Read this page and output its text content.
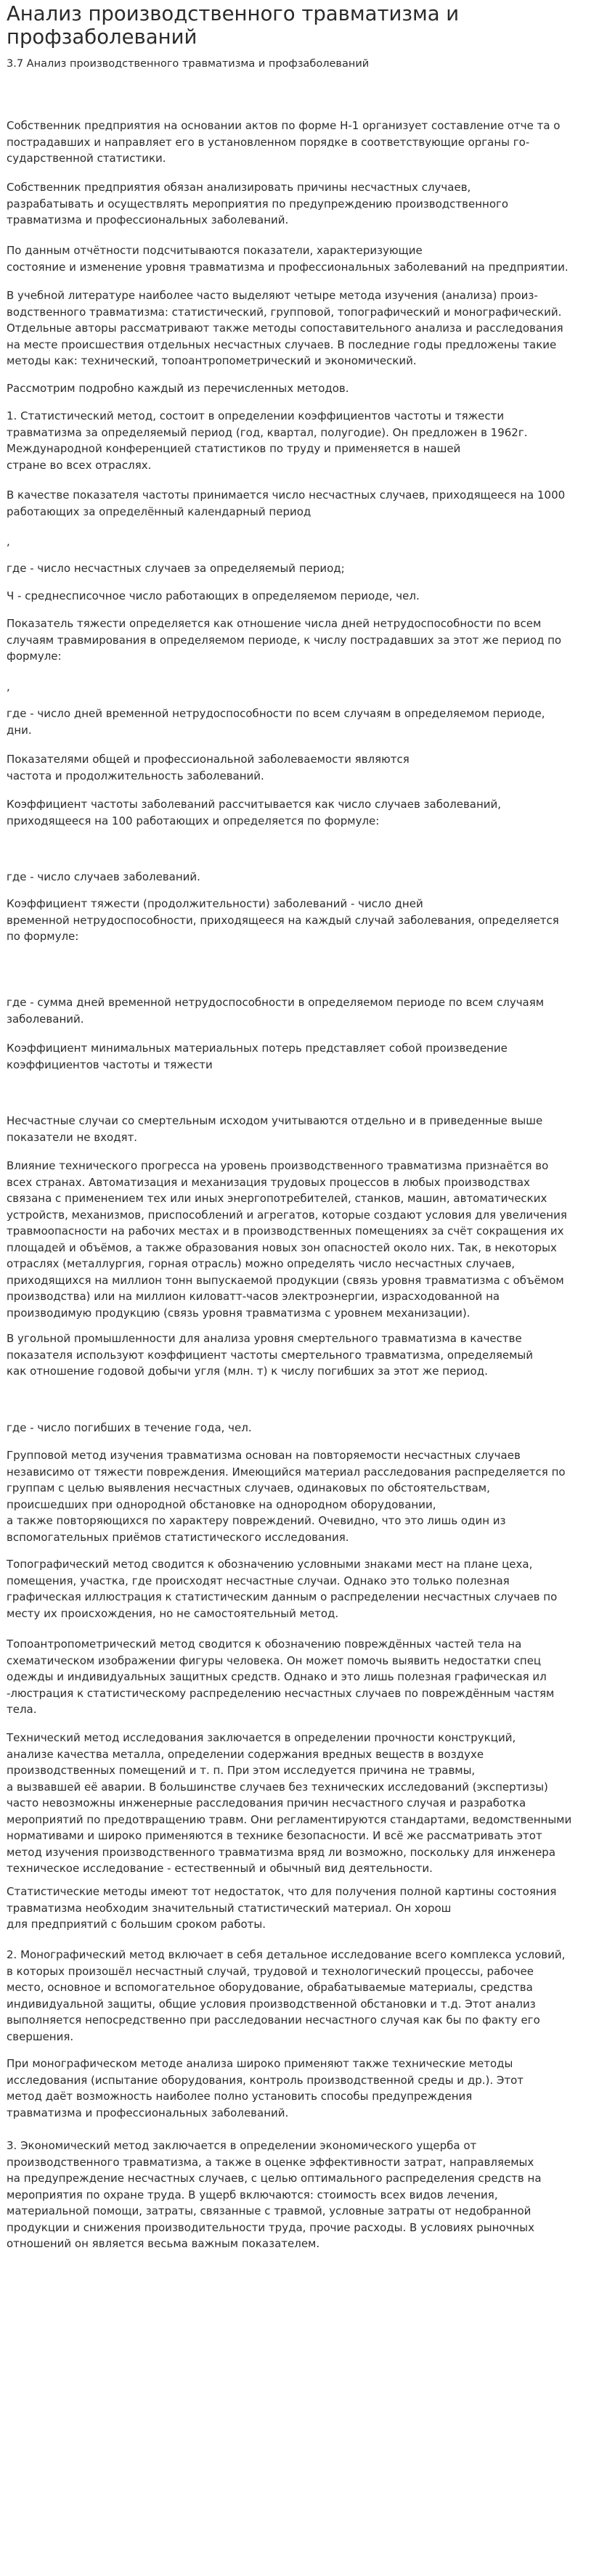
Анализ производственного травматизма и профзаболеваний
3.7 Анализ производственного травматизма и профзаболеваний

Собственник предприятия на основании актов по форме Н-1 организует составление отче та о
пострадавших и направляет его в установленном порядке в соответствующие органы го-
сударственной статистики.

Собственник предприятия обязан анализировать причины несчастных случаев,
разрабатывать и осуществлять мероприятия по предупреждению производственного
травматизма и профессиональных заболеваний.

По данным отчётности подсчитываются показатели, характеризующие
состояние и изменение уровня травматизма и профессиональных заболеваний на предприятии.

В учебной литературе наиболее часто выделяют четыре метода изучения (анализа) произ-
водственного травматизма: статистический, групповой, топографический и монографический.
Отдельные авторы рассматривают также методы сопоставительного анализа и расследования
на месте происшествия отдельных несчастных случаев. В последние годы предложены такие
методы как: технический, топоантропометрический и экономический.

Рассмотрим подробно каждый из перечисленных методов.

1. Статистический метод, состоит в определении коэффициентов частоты и тяжести
травматизма за определяемый период (год, квартал, полугодие). Он предложен в 1962г.
Международной конференцией статистиков по труду и применяется в нашей
стране во всех отраслях.

В качестве показателя частоты принимается число несчастных случаев, приходящееся на 1000
работающих за определённый календарный период

,

где - число несчастных случаев за определяемый период;

Ч - среднесписочное число работающих в определяемом периоде, чел.

Показатель тяжести определяется как отношение числа дней нетрудоспособности по всем
случаям травмирования в определяемом периоде, к числу пострадавших за этот же период по
формуле:

,

где - число дней временной нетрудоспособности по всем случаям в определяемом периоде,
дни.

Показателями общей и профессиональной заболеваемости являются
частота и продолжительность заболеваний.

Коэффициент частоты заболеваний рассчитывается как число случаев заболеваний,
приходящееся на 100 работающих и определяется по формуле:

где - число случаев заболеваний.

Коэффициент тяжести (продолжительности) заболеваний - число дней
временной нетрудоспособности, приходящееся на каждый случай заболевания, определяется
по формуле:

где - сумма дней временной нетрудоспособности в определяемом периоде по всем случаям
заболеваний.

Коэффициент минимальных материальных потерь представляет собой произведение
коэффициентов частоты и тяжести

Несчастные случаи со смертельным исходом учитываются отдельно и в приведенные выше
показатели не входят.

Влияние технического прогресса на уровень производственного травматизма признаётся во
всех странах. Автоматизация и механизация трудовых процессов в любых производствах
связана с применением тех или иных энергопотребителей, станков, машин, автоматических
устройств, механизмов, приспособлений и агрегатов, которые создают условия для увеличения
травмоопасности на рабочих местах и в производственных помещениях за счёт сокращения их
площадей и объёмов, а также образования новых зон опасностей около них. Так, в некоторых
отраслях (металлургия, горная отрасль) можно определять число несчастных случаев,
приходящихся на миллион тонн выпускаемой продукции (связь уровня травматизма с объёмом
производства) или на миллион киловатт-часов электроэнергии, израсходованной на
производимую продукцию (связь уровня травматизма с уровнем механизации).

В угольной промышленности для анализа уровня смертельного травматизма в качестве
показателя используют коэффициент частоты смертельного травматизма, определяемый
как отношение годовой добычи угля (млн. т) к числу погибших за этот же период.

где - число погибших в течение года, чел.

Групповой метод изучения травматизма основан на повторяемости несчастных случаев
независимо от тяжести повреждения. Имеющийся материал расследования распределяется по
группам с целью выявления несчастных случаев, одинаковых по обстоятельствам,
происшедших при однородной обстановке на однородном оборудовании,
а также повторяющихся по характеру повреждений. Очевидно, что это лишь один из
вспомогательных приёмов статистического исследования.

Топографический метод сводится к обозначению условными знаками мест на плане цеха,
помещения, участка, где происходят несчастные случаи. Однако это только полезная
графическая иллюстрация к статистическим данным о распределении несчастных случаев по
месту их происхождения, но не самостоятельный метод.

Топоантропометрический метод сводится к обозначению повреждённых частей тела на
схематическом изображении фигуры человека. Он может помочь выявить недостатки спец
одежды и индивидуальных защитных средств. Однако и это лишь полезная графическая ил
-люстрация к статистическому распределению несчастных случаев по повреждённым частям
тела.

Технический метод исследования заключается в определении прочности конструкций,
анализе качества металла, определении содержания вредных веществ в воздухе
производственных помещений и т. п. При этом исследуется причина не травмы,
а вызвавшей её аварии. В большинстве случаев без технических исследований (экспертизы)
часто невозможны инженерные расследования причин несчастного случая и разработка
мероприятий по предотвращению травм. Они регламентируются стандартами, ведомственными
нормативами и широко применяются в технике безопасности. И всё же рассматривать этот
метод изучения производственного травматизма вряд ли возможно, поскольку для инженера
техническое исследование - естественный и обычный вид деятельности.

Статистические методы имеют тот недостаток, что для получения полной картины состояния
травматизма необходим значительный статистический материал. Он хорош
для предприятий с большим сроком работы.

2. Монографический метод включает в себя детальное исследование всего комплекса условий,
в которых произошёл несчастный случай, трудовой и технологический процессы, рабочее
место, основное и вспомогательное оборудование, обрабатываемые материалы, средства
индивидуальной защиты, общие условия производственной обстановки и т.д. Этот анализ
выполняется непосредственно при расследовании несчастного случая как бы по факту его
свершения.

При монографическом методе анализа широко применяют также технические методы
исследования (испытание оборудования, контроль производственной среды и др.). Этот
метод даёт возможность наиболее полно установить способы предупреждения
травматизма и профессиональных заболеваний.

3. Экономический метод заключается в определении экономического ущерба от
производственного травматизма, а также в оценке эффективности затрат, направляемых
на предупреждение несчастных случаев, с целью оптимального распределения средств на
мероприятия по охране труда. В ущерб включаются: стоимость всех видов лечения,
материальной помощи, затраты, связанные с травмой, условные затраты от недобранной
продукции и снижения производительности труда, прочие расходы. В условиях рыночных
отношений он является весьма важным показателем.
